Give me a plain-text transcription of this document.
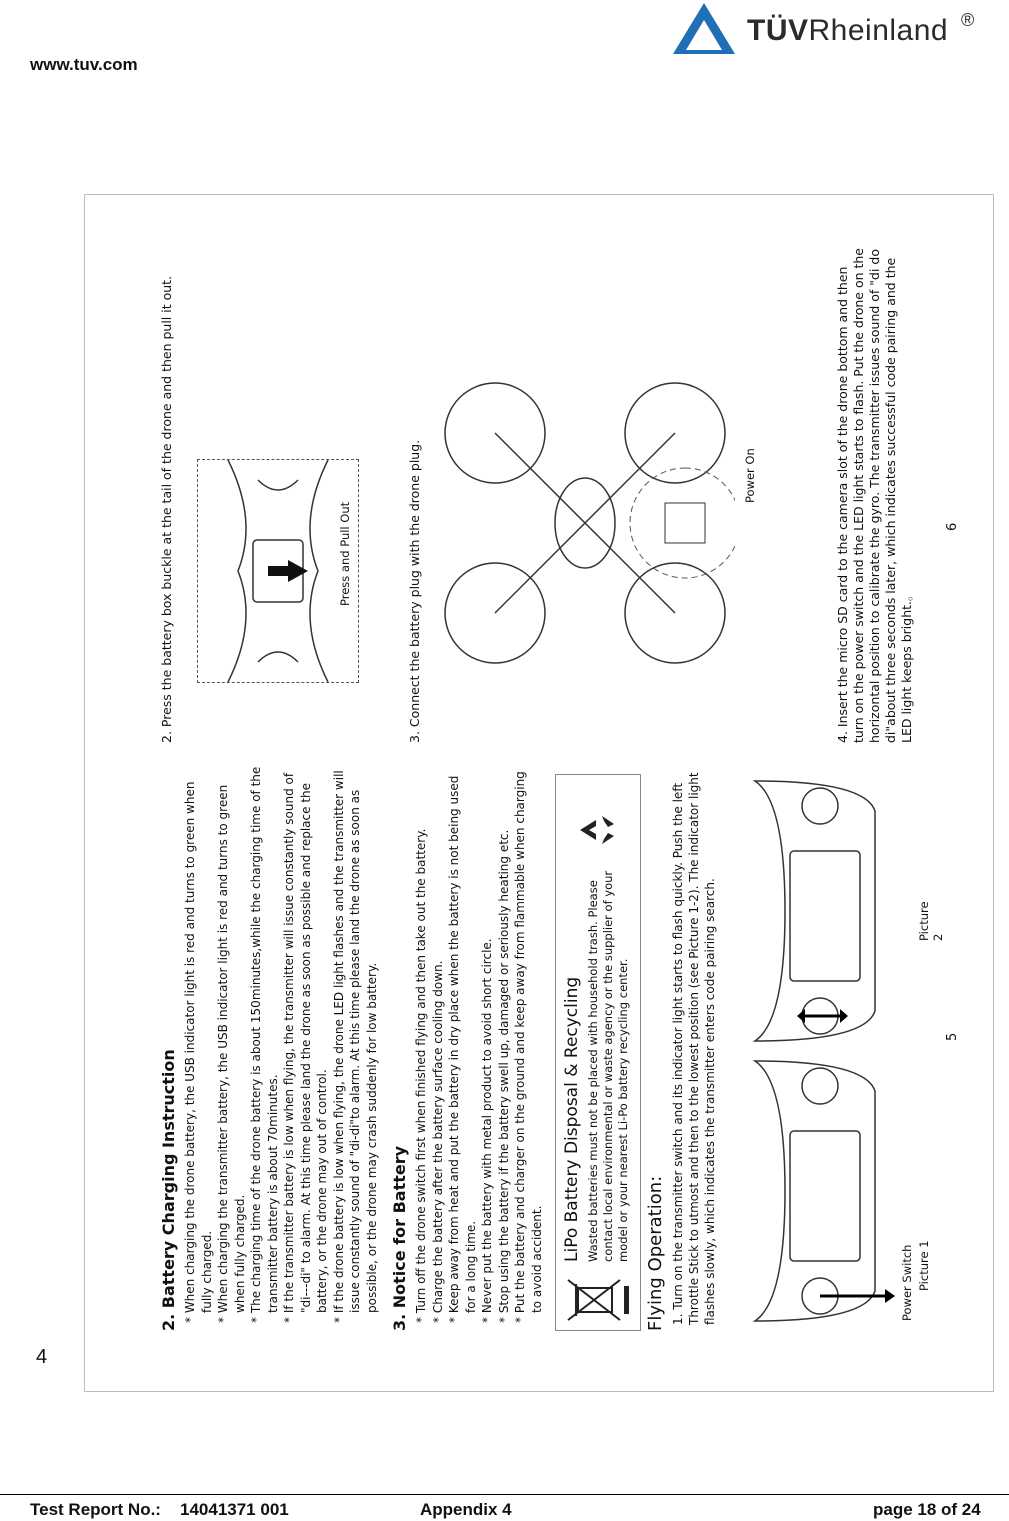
www.tuv.com
TÜVRheinland ®

2. Battery Charging Instruction * When charging the drone battery, the USB indicator light is red and turns to green when fully charged. * When charging the transmitter battery, the USB indicator light is red and turns to green when fully charged. * The charging time of the drone battery is about 150minutes,while the charging time of the transmitter battery is about 70minutes. * If the transmitter battery is low when flying, the transmitter will issue constantly sound of "di---di" to alarm. At this time please land the drone as soon as possible and replace the battery, or the drone may out of control. * If the drone battery is low when flying, the drone LED light flashes and the transmitter will issue constantly sound of "di-di"to alarm. At this time please land the drone as soon as possible, or the drone may crash suddenly for low battery. 3. Notice for Battery * Turn off the drone switch first when finished flying and then take out the battery. * Charge the battery after the battery surface cooling down. * Keep away from heat and put the battery in dry place when the battery is not being used for a long time. * Never put the battery with metal product to avoid short circle. * Stop using the battery if the battery swell up, damaged or seriously heating etc. * Put the battery and charger on the ground and keep away from flammable when charging to avoid accident. LiPo Battery Disposal & Recycling Wasted batteries must not be placed with household trash. Please contact local environmental or waste agency or the supplier of your model or your nearest Li-Po battery recycling center. Flying Operation: 1. Turn on the transmitter switch and its indicator light starts to flash quickly. Push the left Throttle Stick to utmost and then to the lowest position (see Picture 1-2). The indicator light flashes slowly, which indicates the transmitter enters code pairing search.	Power Switch Picture 1
Picture 2
5

2. Press the battery box buckle at the tail of the drone and then pull it out.	Press and Pull Out	3. Connect the battery plug with the drone plug.	Power On	4. Insert the micro SD card to the camera slot of the drone bottom and then turn on the power switch and the LED light starts to flash. Put the drone on the horizontal position to calibrate the gyro. The transmitter issues sound of "di do di"about three seconds later, which indicates successful code pairing and the LED light keeps bright.。

6
4
Test Report No.: 14041371 001	Appendix 4	page 18 of 24
